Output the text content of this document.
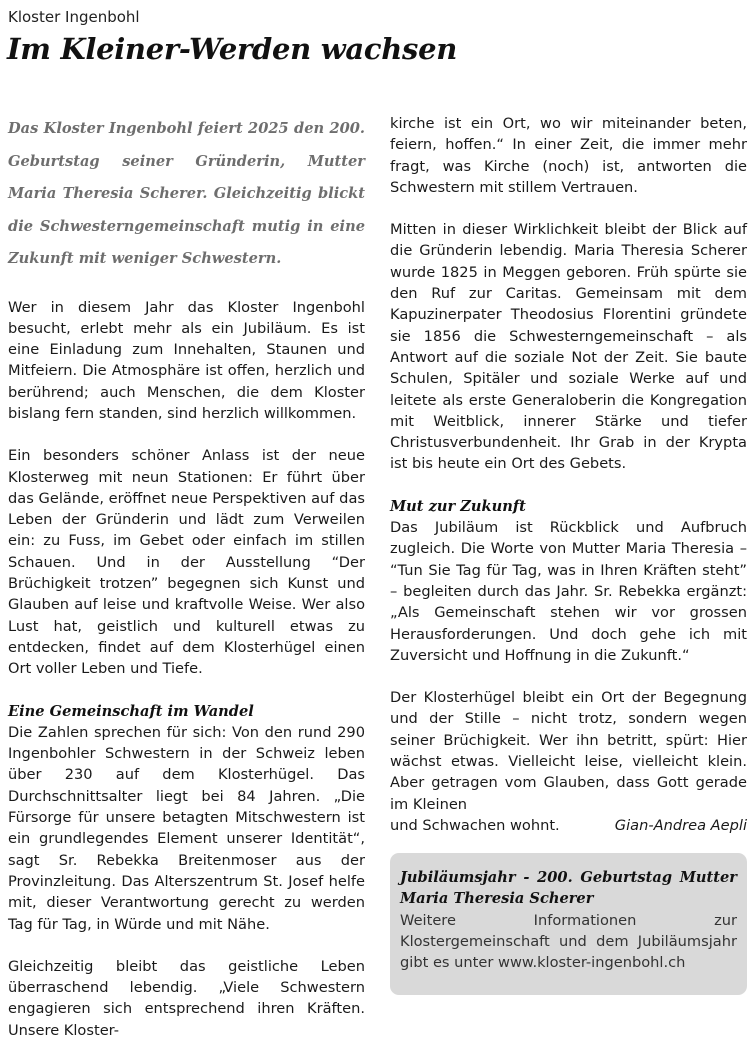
Kloster Ingenbohl
Im Kleiner-Werden wachsen

Das Kloster Ingenbohl feiert 2025 den 200. Geburtstag seiner Gründerin, Mutter Maria Theresia Scherer. Gleichzeitig blickt die Schwesterngemeinschaft mutig in eine Zukunft mit weniger Schwestern.

Wer in diesem Jahr das Kloster Ingenbohl besucht, erlebt mehr als ein Jubiläum. Es ist eine Einladung zum Innehalten, Staunen und Mitfeiern. Die Atmosphäre ist offen, herzlich und berührend; auch Menschen, die dem Kloster bislang fern standen, sind herzlich willkommen.

Ein besonders schöner Anlass ist der neue Klosterweg mit neun Stationen: Er führt über das Gelände, eröffnet neue Perspektiven auf das Leben der Gründerin und lädt zum Verweilen ein: zu Fuss, im Gebet oder einfach im stillen Schauen. Und in der Ausstellung “Der Brüchigkeit trotzen” begegnen sich Kunst und Glauben auf leise und kraftvolle Weise. Wer also Lust hat, geistlich und kulturell etwas zu entdecken, findet auf dem Klosterhügel einen Ort voller Leben und Tiefe.

Eine Gemeinschaft im Wandel

Die Zahlen sprechen für sich: Von den rund 290 Ingenbohler Schwestern in der Schweiz leben über 230 auf dem Klosterhügel. Das Durchschnittsalter liegt bei 84 Jahren. „Die Fürsorge für unsere betagten Mitschwestern ist ein grundlegendes Element unserer Identität“, sagt Sr. Rebekka Breitenmoser aus der Provinzleitung. Das Alterszentrum St. Josef helfe mit, dieser Verantwortung gerecht zu werden Tag für Tag, in Würde und mit Nähe.

Gleichzeitig bleibt das geistliche Leben überraschend lebendig. „Viele Schwestern engagieren sich entsprechend ihren Kräften. Unsere Kloster-

kirche ist ein Ort, wo wir miteinander beten, feiern, hoffen.“ In einer Zeit, die immer mehr fragt, was Kirche (noch) ist, antworten die Schwestern mit stillem Vertrauen.

Mitten in dieser Wirklichkeit bleibt der Blick auf die Gründerin lebendig. Maria Theresia Scherer wurde 1825 in Meggen geboren. Früh spürte sie den Ruf zur Caritas. Gemeinsam mit dem Kapuzinerpater Theodosius Florentini gründete sie 1856 die Schwesterngemeinschaft – als Antwort auf die soziale Not der Zeit. Sie baute Schulen, Spitäler und soziale Werke auf und leitete als erste Generaloberin die Kongregation mit Weitblick, innerer Stärke und tiefer Christusverbundenheit. Ihr Grab in der Krypta ist bis heute ein Ort des Gebets.

Mut zur Zukunft

Das Jubiläum ist Rückblick und Aufbruch zugleich. Die Worte von Mutter Maria Theresia – “Tun Sie Tag für Tag, was in Ihren Kräften steht” – begleiten durch das Jahr. Sr. Rebekka ergänzt: „Als Gemeinschaft stehen wir vor grossen Herausforderungen. Und doch gehe ich mit Zuversicht und Hoffnung in die Zukunft.“

Der Klosterhügel bleibt ein Ort der Begegnung und der Stille – nicht trotz, sondern wegen seiner Brüchigkeit. Wer ihn betritt, spürt: Hier wächst etwas. Vielleicht leise, vielleicht klein. Aber getragen vom Glauben, dass Gott gerade im Kleinen

und Schwachen wohnt.	Gian-Andrea Aepli

Jubiläumsjahr - 200. Geburtstag Mutter Maria Theresia Scherer

Weitere Informationen zur Klostergemeinschaft und dem Jubiläumsjahr gibt es unter www.kloster-ingenbohl.ch
